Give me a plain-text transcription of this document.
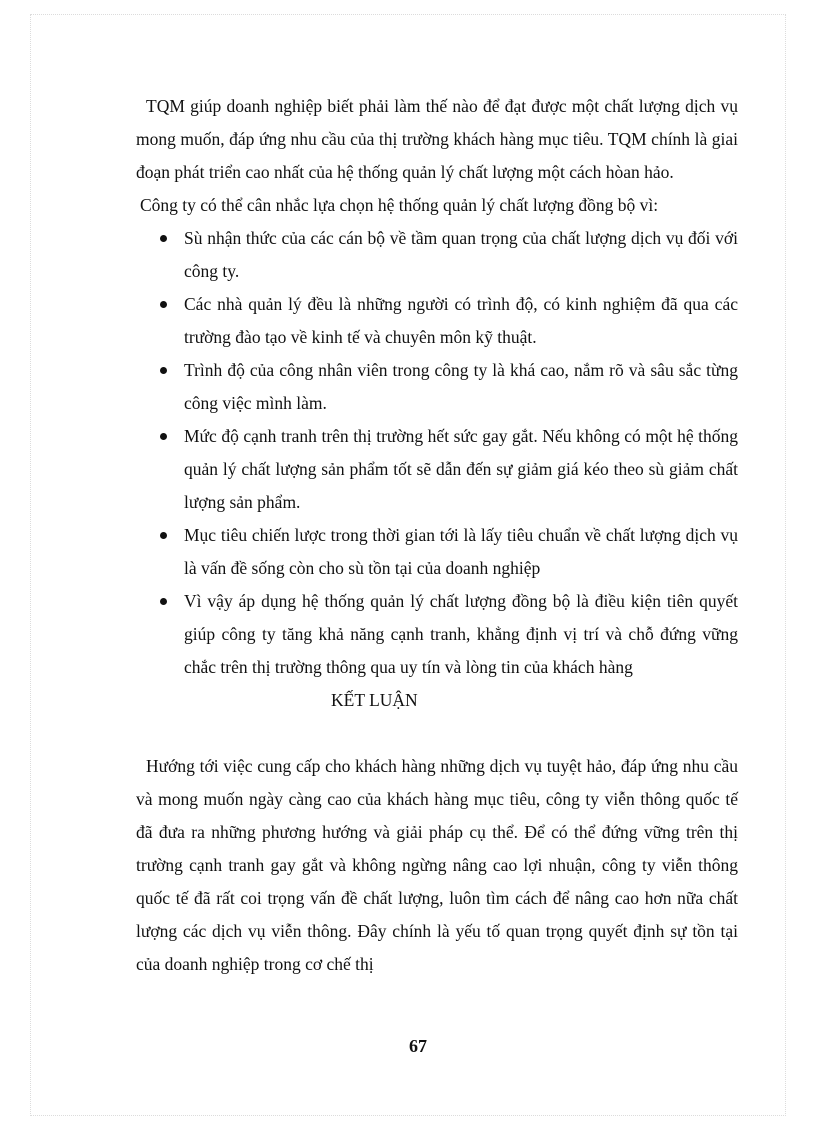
TQM giúp doanh nghiệp biết phải làm thế nào để đạt được một chất lượng dịch vụ mong muốn, đáp ứng nhu cầu của thị trường khách hàng mục tiêu. TQM chính là giai đoạn phát triển cao nhất của hệ thống quản lý chất lượng một cách hòan hảo.

Công ty có thể cân nhắc lựa chọn hệ thống quản lý chất lượng đồng bộ vì:

Sù nhận thức của các cán bộ về tầm quan trọng của chất lượng dịch vụ đối với công ty.
Các nhà quản lý đều là những người có trình độ, có kinh nghiệm đã qua các trường đào tạo về kinh tế và chuyên môn kỹ thuật.
Trình độ của công nhân viên trong công ty là khá cao, nắm rõ và sâu sắc từng công việc mình làm.
Mức độ cạnh tranh trên thị trường hết sức gay gắt. Nếu không có một hệ thống quản lý chất lượng sản phẩm tốt sẽ dẫn đến sự giảm giá kéo theo sù giảm chất lượng sản phẩm.
Mục tiêu chiến lược trong thời gian tới là lấy tiêu chuẩn về chất lượng dịch vụ là vấn đề sống còn cho sù tồn tại của doanh nghiệp
Vì vậy áp dụng hệ thống quản lý chất lượng đồng bộ là điều kiện tiên quyết giúp công ty tăng khả năng cạnh tranh, khẳng định vị trí và chỗ đứng vững chắc trên thị trường thông qua uy tín và lòng tin của khách hàng
KẾT LUẬN

Hướng tới việc cung cấp cho khách hàng những dịch vụ tuyệt hảo, đáp ứng nhu cầu và mong muốn ngày càng cao của khách hàng mục tiêu, công ty viễn thông quốc tế đã đưa ra những phương hướng và giải pháp cụ thể. Để có thể đứng vững trên thị trường cạnh tranh gay gắt và không ngừng nâng cao lợi nhuận, công ty viễn thông quốc tế đã rất coi trọng vấn đề chất lượng, luôn tìm cách để nâng cao hơn nữa chất lượng các dịch vụ viễn thông. Đây chính là yếu tố quan trọng quyết định sự tồn tại của doanh nghiệp trong cơ chế thị

67
